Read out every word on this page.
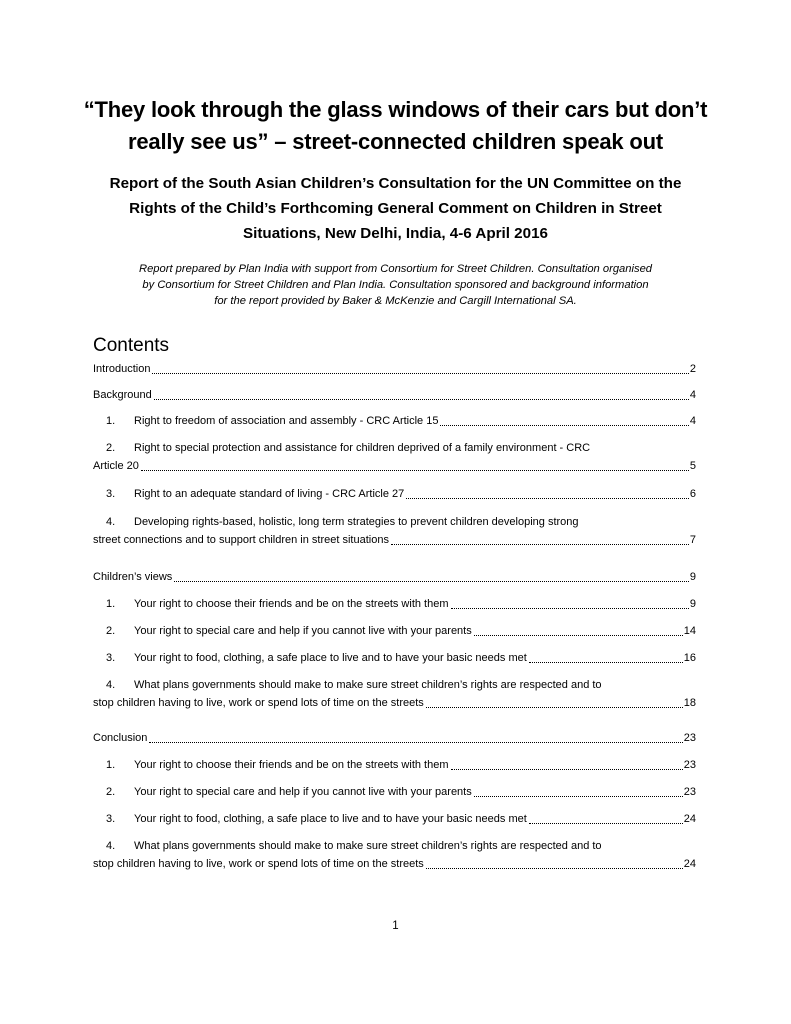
“They look through the glass windows of their cars but don’t
really see us” – street-connected children speak out
Report of the South Asian Children’s Consultation for the UN Committee on the
Rights of the Child’s Forthcoming General Comment on Children in Street
Situations, New Delhi, India, 4-6 April 2016
Report prepared by Plan India with support from Consortium for Street Children. Consultation organised
by Consortium for Street Children and Plan India. Consultation sponsored and background information
for the report provided by Baker & McKenzie and Cargill International SA.
Contents
Introduction	2
Background	4
1. Right to freedom of association and assembly - CRC Article 15	4
2. Right to special protection and assistance for children deprived of a family environment - CRC
Article 20	5
3. Right to an adequate standard of living - CRC Article 27	6
4. Developing rights-based, holistic, long term strategies to prevent children developing strong
street connections and to support children in street situations	7
Children’s views	9
1. Your right to choose their friends and be on the streets with them	9
2. Your right to special care and help if you cannot live with your parents	14
3. Your right to food, clothing, a safe place to live and to have your basic needs met	16
4. What plans governments should make to make sure street children’s rights are respected and to
stop children having to live, work or spend lots of time on the streets	18
Conclusion	23
1. Your right to choose their friends and be on the streets with them	23
2. Your right to special care and help if you cannot live with your parents	23
3. Your right to food, clothing, a safe place to live and to have your basic needs met	24
4. What plans governments should make to make sure street children’s rights are respected and to
stop children having to live, work or spend lots of time on the streets	24
1
